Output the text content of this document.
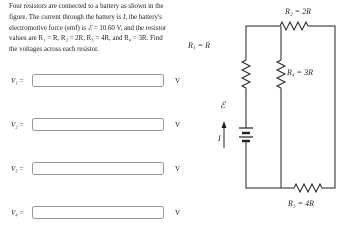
Four resistors are connected to a battery as shown in the figure. The current through the battery is I, the battery's electromotive force (emf) is ℰ = 10.60 V, and the resistor values are R₁ = R, R₂ = 2R, R₃ = 4R, and R₄ = 3R. Find the voltages across each resistor.

V₁ =	V
V₂ =	V
V₃ =	V
V₄ =	V
R₁ = R
R₂ = 2R
R₄ = 3R
R₃ = 4R
ℰ
I
